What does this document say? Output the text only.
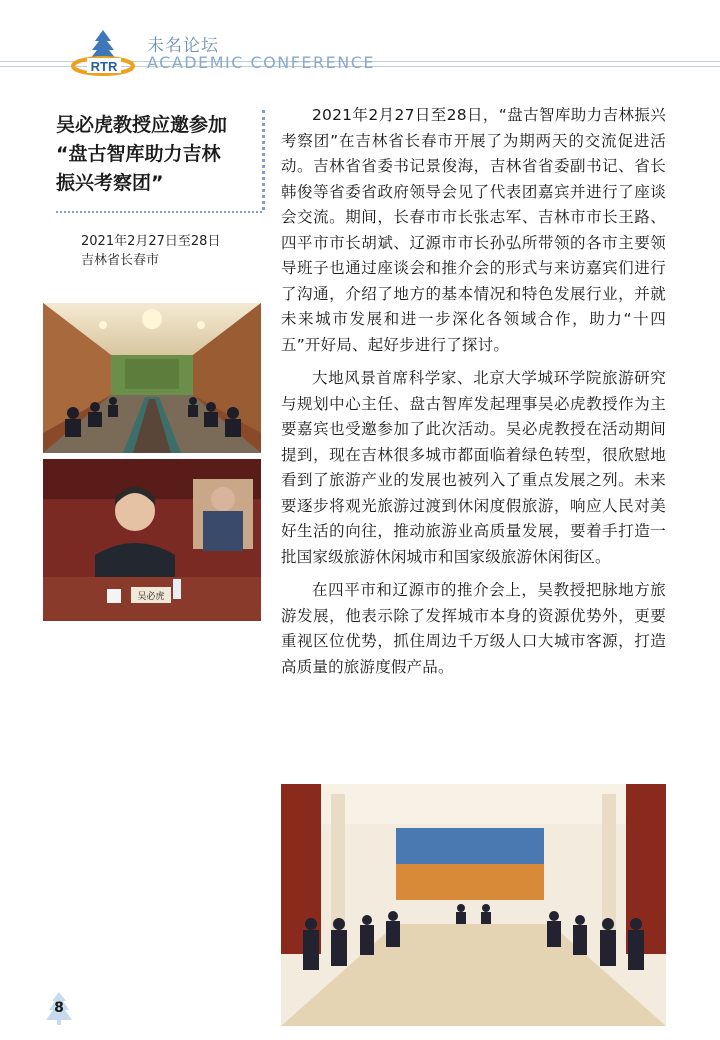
RTR
未名论坛
ACADEMIC CONFERENCE
吴必虎教授应邀参加
“盘古智库助力吉林
振兴考察团”
2021年2月27日至28日
吉林省长春市
吴必虎

2021年2月27日至28日，“盘古智库助力吉林振兴考察团”在吉林省长春市开展了为期两天的交流促进活动。吉林省省委书记景俊海，吉林省省委副书记、省长韩俊等省委省政府领导会见了代表团嘉宾并进行了座谈会交流。期间，长春市市长张志军、吉林市市长王路、四平市市长胡斌、辽源市市长孙弘所带领的各市主要领导班子也通过座谈会和推介会的形式与来访嘉宾们进行了沟通，介绍了地方的基本情况和特色发展行业，并就未来城市发展和进一步深化各领域合作，助力“十四五”开好局、起好步进行了探讨。

大地风景首席科学家、北京大学城环学院旅游研究与规划中心主任、盘古智库发起理事吴必虎教授作为主要嘉宾也受邀参加了此次活动。吴必虎教授在活动期间提到，现在吉林很多城市都面临着绿色转型，很欣慰地看到了旅游产业的发展也被列入了重点发展之列。未来要逐步将观光旅游过渡到休闲度假旅游，响应人民对美好生活的向往，推动旅游业高质量发展，要着手打造一批国家级旅游休闲城市和国家级旅游休闲街区。

在四平市和辽源市的推介会上，吴教授把脉地方旅游发展，他表示除了发挥城市本身的资源优势外，更要重视区位优势，抓住周边千万级人口大城市客源，打造高质量的旅游度假产品。

8
